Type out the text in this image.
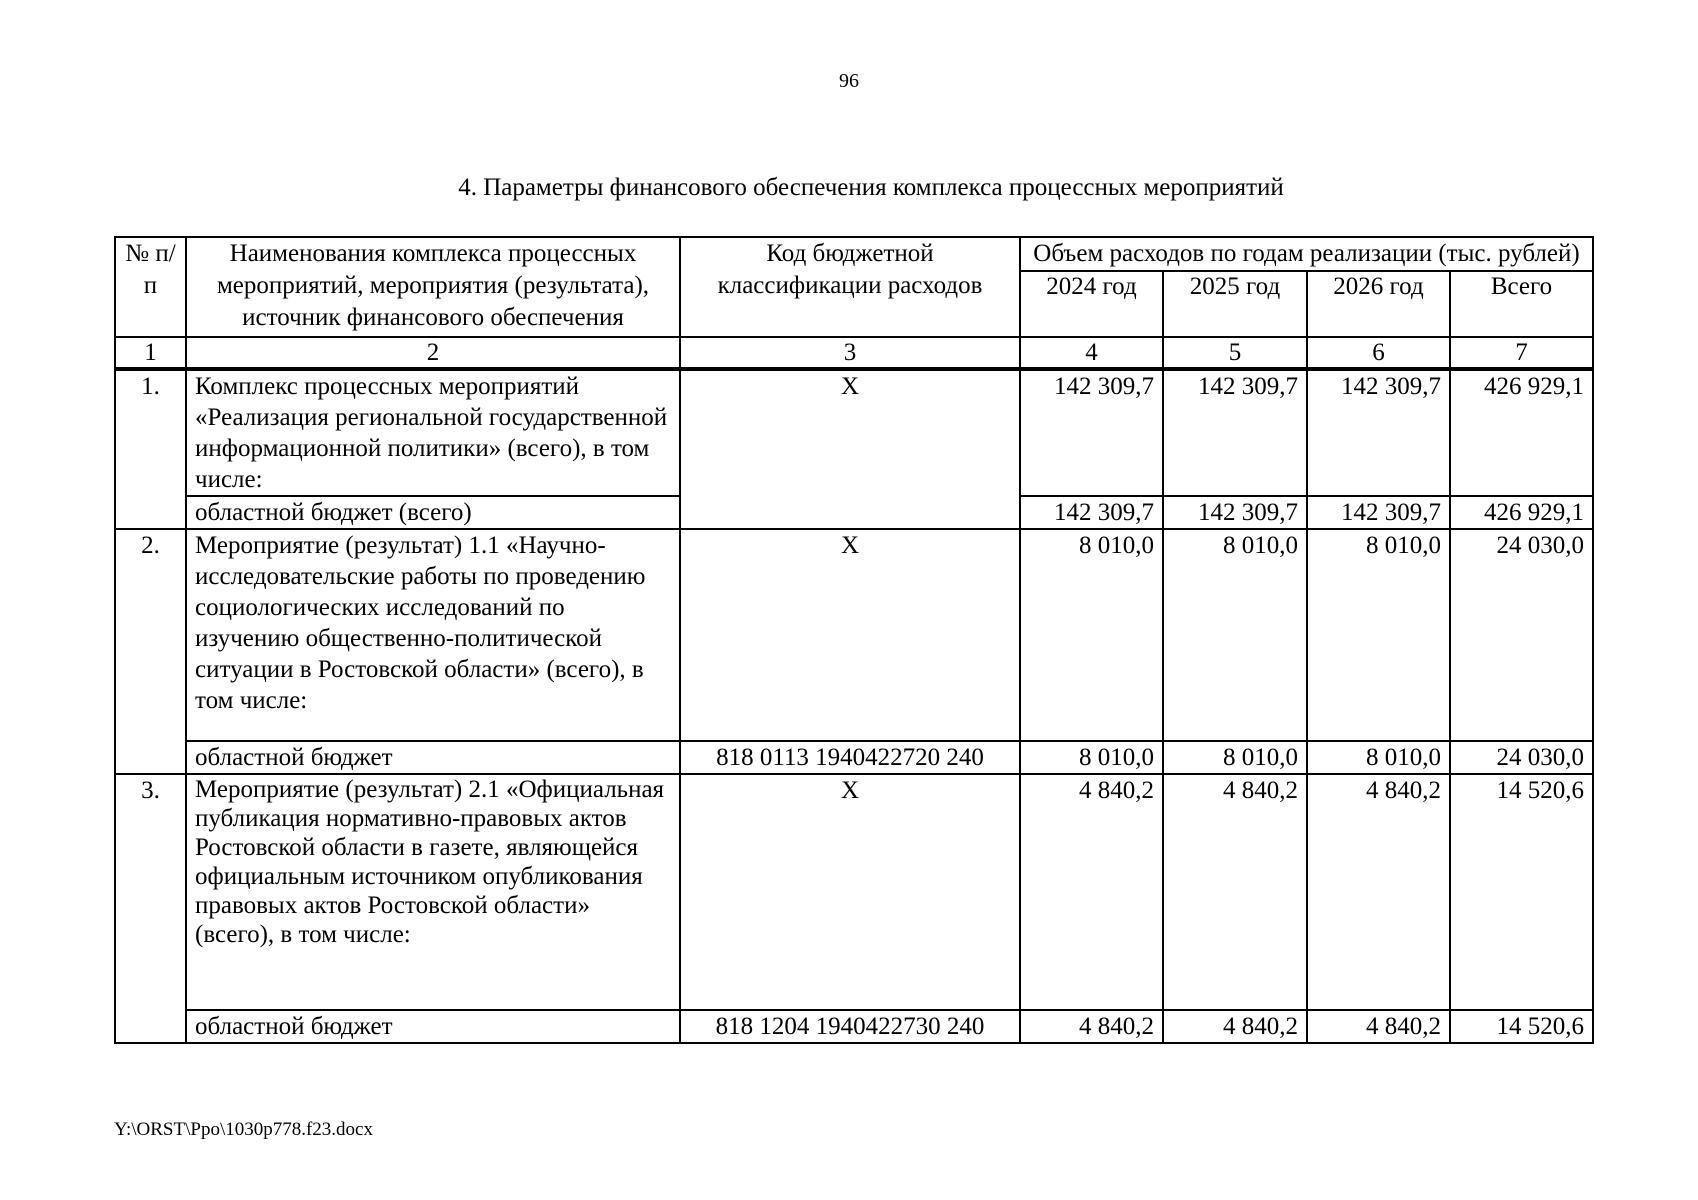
96
4. Параметры финансового обеспечения комплекса процессных мероприятий
№ п/п	Наименования комплекса процессных мероприятий, мероприятия (результата), источник финансового обеспечения	Код бюджетной классификации расходов	Объем расходов по годам реализации (тыс. рублей)			
			2024 год	2025 год	2026 год	Всего
1	2	3	4	5	6	7
1.	Комплекс процессных мероприятий «Реализация региональной государственной информационной политики» (всего), в том числе:	X	142 309,7	142 309,7	142 309,7	426 929,1
	областной бюджет (всего)		142 309,7	142 309,7	142 309,7	426 929,1
2.	Мероприятие (результат) 1.1 «Научно-исследовательские работы по проведению социологических исследований по изучению общественно-политической ситуации в Ростовской области» (всего), в том числе:	X	8 010,0	8 010,0	8 010,0	24 030,0
	областной бюджет	818 0113 1940422720 240	8 010,0	8 010,0	8 010,0	24 030,0
3.	Мероприятие (результат) 2.1 «Официальная публикация нормативно-правовых актов Ростовской области в газете, являющейся официальным источником опубликования правовых актов Ростовской области» (всего), в том числе:	X	4 840,2	4 840,2	4 840,2	14 520,6
	областной бюджет	818 1204 1940422730 240	4 840,2	4 840,2	4 840,2	14 520,6
Y:\ORST\Ppo\1030p778.f23.docx
